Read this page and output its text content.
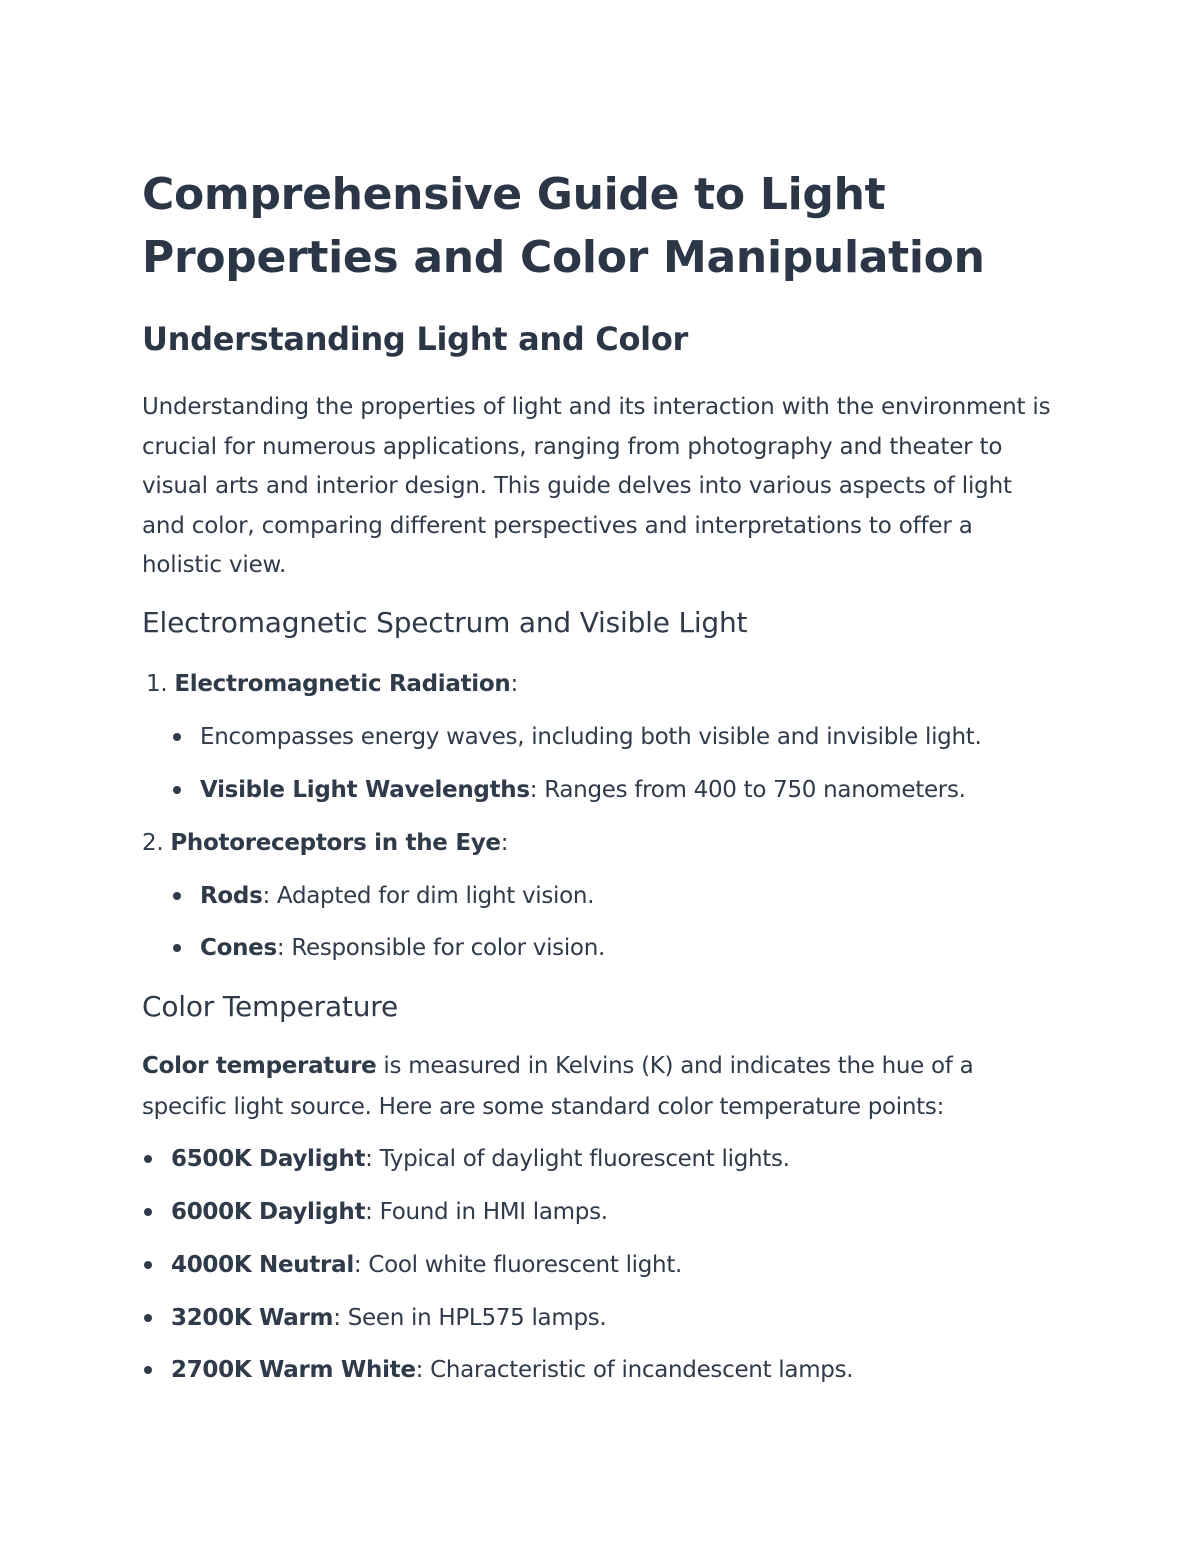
Comprehensive Guide to Light Properties and Color Manipulation
Understanding Light and Color

Understanding the properties of light and its interaction with the environment is crucial for numerous applications, ranging from photography and theater to visual arts and interior design. This guide delves into various aspects of light and color, comparing different perspectives and interpretations to offer a holistic view.

Electromagnetic Spectrum and Visible Light
1. Electromagnetic Radiation:
Encompasses energy waves, including both visible and invisible light.
Visible Light Wavelengths: Ranges from 400 to 750 nanometers.
2. Photoreceptors in the Eye:
Rods: Adapted for dim light vision.
Cones: Responsible for color vision.
Color Temperature

Color temperature is measured in Kelvins (K) and indicates the hue of a specific light source. Here are some standard color temperature points:

6500K Daylight: Typical of daylight fluorescent lights.
6000K Daylight: Found in HMI lamps.
4000K Neutral: Cool white fluorescent light.
3200K Warm: Seen in HPL575 lamps.
2700K Warm White: Characteristic of incandescent lamps.
